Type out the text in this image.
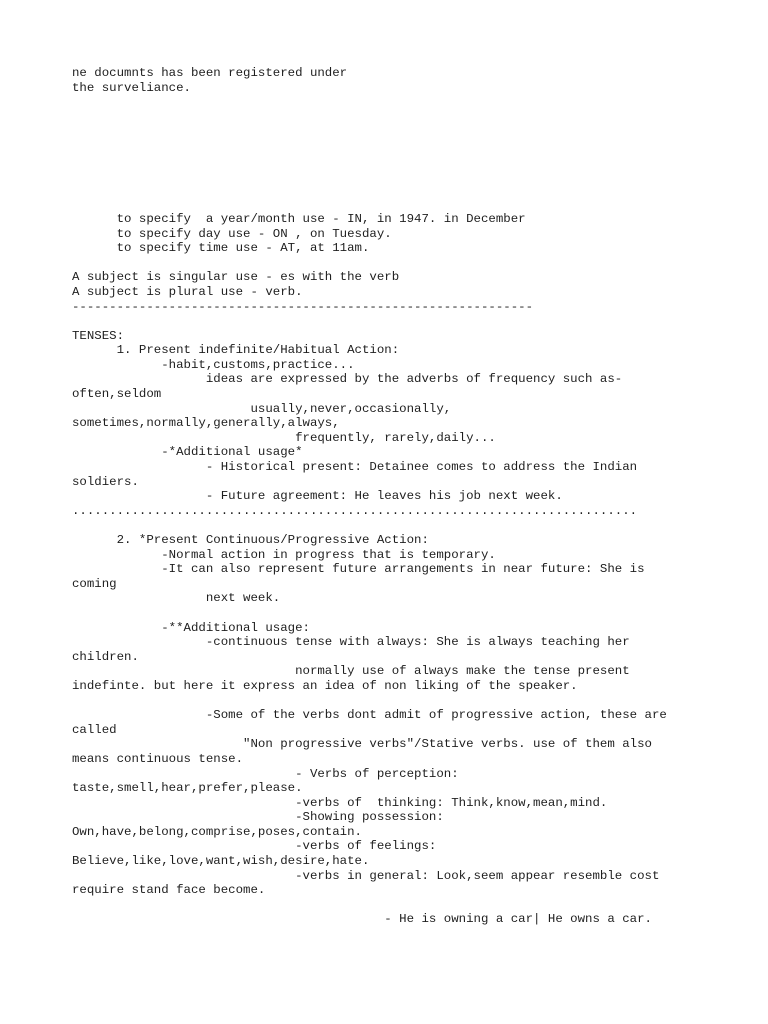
ne documnts has been registered under
the surveliance.
to specify  a year/month use - IN, in 1947. in December
to specify day use - ON , on Tuesday.
to specify time use - AT, at 11am.
A subject is singular use - es with the verb
A subject is plural use - verb.
--------------------------------------------------------------
TENSES:
1. Present indefinite/Habitual Action:
-habit,customs,practice...
ideas are expressed by the adverbs of frequency such as-
often,seldom
usually,never,occasionally,
sometimes,normally,generally,always,
frequently, rarely,daily...
-*Additional usage*
- Historical present: Detainee comes to address the Indian
soldiers.
- Future agreement: He leaves his job next week.
............................................................................
2. *Present Continuous/Progressive Action:
-Normal action in progress that is temporary.
-It can also represent future arrangements in near future: She is
coming
next week.
-**Additional usage:
-continuous tense with always: She is always teaching her
children.
normally use of always make the tense present
indefinte. but here it express an idea of non liking of the speaker.
-Some of the verbs dont admit of progressive action, these are
called
"Non progressive verbs"/Stative verbs. use of them also
means continuous tense.
- Verbs of perception:
taste,smell,hear,prefer,please.
-verbs of  thinking: Think,know,mean,mind.
-Showing possession:
Own,have,belong,comprise,poses,contain.
-verbs of feelings:
Believe,like,love,want,wish,desire,hate.
-verbs in general: Look,seem appear resemble cost
require stand face become.
- He is owning a car| He owns a car.
